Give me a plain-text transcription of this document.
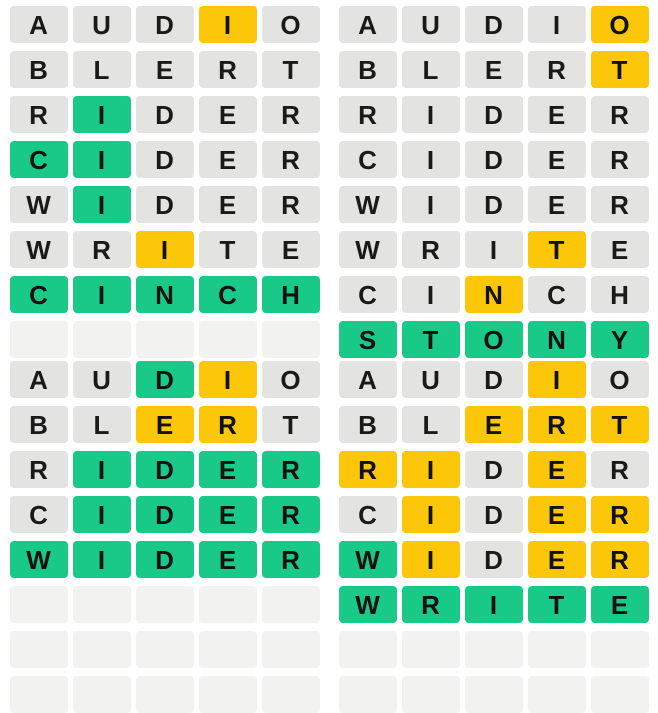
A	U	D	I	O
B	L	E	R	T
R	I	D	E	R
C	I	D	E	R
W	I	D	E	R
W	R	I	T	E
C	I	N	C	H
A	U	D	I	O
B	L	E	R	T
R	I	D	E	R
C	I	D	E	R
W	I	D	E	R
W	R	I	T	E
C	I	N	C	H
S	T	O	N	Y
A	U	D	I	O
B	L	E	R	T
R	I	D	E	R
C	I	D	E	R
W	I	D	E	R
A	U	D	I	O
B	L	E	R	T
R	I	D	E	R
C	I	D	E	R
W	I	D	E	R
W	R	I	T	E
